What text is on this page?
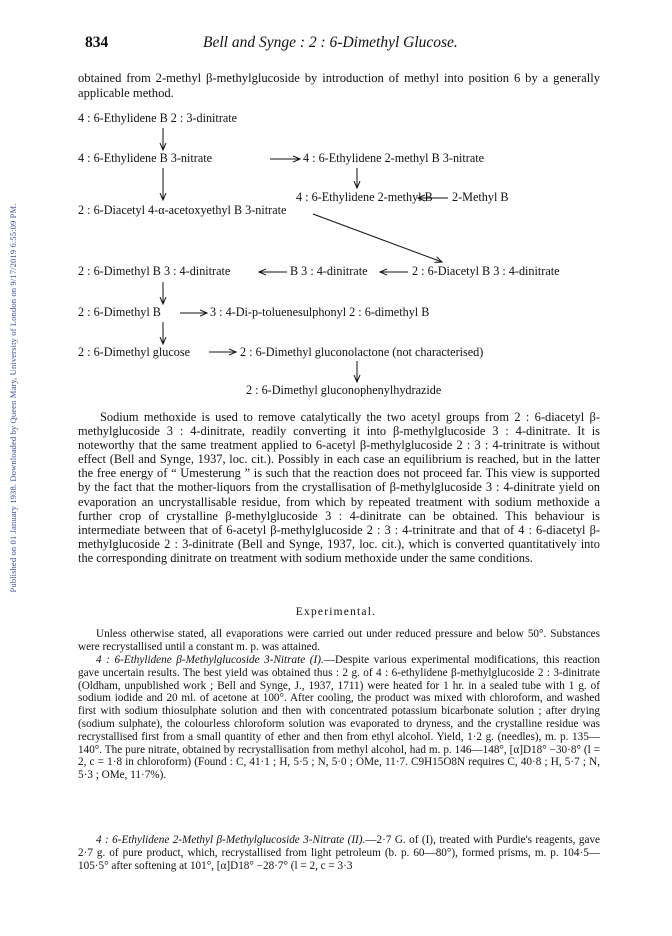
Published on 01 January 1938. Downloaded by Queen Mary, University of London on 9/17/2019 6:55:09 PM.
834	Bell and Synge : 2 : 6-Dimethyl Glucose.
obtained from 2-methyl β-methylglucoside by introduction of methyl into position 6 by a generally applicable method.
4 : 6-Ethylidene B 2 : 3-dinitrate
4 : 6-Ethylidene B 3-nitrate	4 : 6-Ethylidene 2-methyl B 3-nitrate
4 : 6-Ethylidene 2-methyl B 2-Methyl B
2 : 6-Diacetyl 4-α-acetoxyethyl B 3-nitrate
2 : 6-Dimethyl B 3 : 4-dinitrate	B 3 : 4-dinitrate	2 : 6-Diacetyl B 3 : 4-dinitrate
2 : 6-Dimethyl B	3 : 4-Di-p-toluenesulphonyl 2 : 6-dimethyl B
2 : 6-Dimethyl glucose	2 : 6-Dimethyl gluconolactone (not characterised)
2 : 6-Dimethyl gluconophenylhydrazide
Sodium methoxide is used to remove catalytically the two acetyl groups from 2 : 6-diacetyl β-methylglucoside 3 : 4-dinitrate, readily converting it into β-methylglucoside 3 : 4-dinitrate. It is noteworthy that the same treatment applied to 6-acetyl β-methylglucoside 2 : 3 : 4-trinitrate is without effect (Bell and Synge, 1937, loc. cit.). Possibly in each case an equilibrium is reached, but in the latter the free energy of “ Umesterung ” is such that the reaction does not proceed far. This view is supported by the fact that the mother-liquors from the crystallisation of β-methylglucoside 3 : 4-dinitrate yield on evaporation an uncrystallisable residue, from which by repeated treatment with sodium methoxide a further crop of crystalline β-methylglucoside 3 : 4-dinitrate can be obtained. This behaviour is intermediate between that of 6-acetyl β-methylglucoside 2 : 3 : 4-trinitrate and that of 4 : 6-diacetyl β-methylglucoside 2 : 3-dinitrate (Bell and Synge, 1937, loc. cit.), which is converted quantitatively into the corresponding dinitrate on treatment with sodium methoxide under the same conditions.
Experimental.
Unless otherwise stated, all evaporations were carried out under reduced pressure and below 50°. Substances were recrystallised until a constant m. p. was attained.
4 : 6-Ethylidene β-Methylglucoside 3-Nitrate (I).—Despite various experimental modifications, this reaction gave uncertain results. The best yield was obtained thus : 2 g. of 4 : 6-ethylidene β-methylglucoside 2 : 3-dinitrate (Oldham, unpublished work ; Bell and Synge, J., 1937, 1711) were heated for 1 hr. in a sealed tube with 1 g. of sodium iodide and 20 ml. of acetone at 100°. After cooling, the product was mixed with chloroform, and washed first with sodium thiosulphate solution and then with concentrated potassium bicarbonate solution ; after drying (sodium sulphate), the colourless chloroform solution was evaporated to dryness, and the crystalline residue was recrystallised first from a small quantity of ether and then from ethyl alcohol. Yield, 1·2 g. (needles), m. p. 135—140°. The pure nitrate, obtained by recrystallisation from methyl alcohol, had m. p. 146—148°, [α]D18° −30·8° (l = 2, c = 1·8 in chloroform) (Found : C, 41·1 ; H, 5·5 ; N, 5·0 ; OMe, 11·7. C9H15O8N requires C, 40·8 ; H, 5·7 ; N, 5·3 ; OMe, 11·7%).
4 : 6-Ethylidene 2-Methyl β-Methylglucoside 3-Nitrate (II).—2·7 G. of (I), treated with Purdie's reagents, gave 2·7 g. of pure product, which, recrystallised from light petroleum (b. p. 60—80°), formed prisms, m. p. 104·5—105·5° after softening at 101°, [α]D18° −28·7° (l = 2, c = 3·3
